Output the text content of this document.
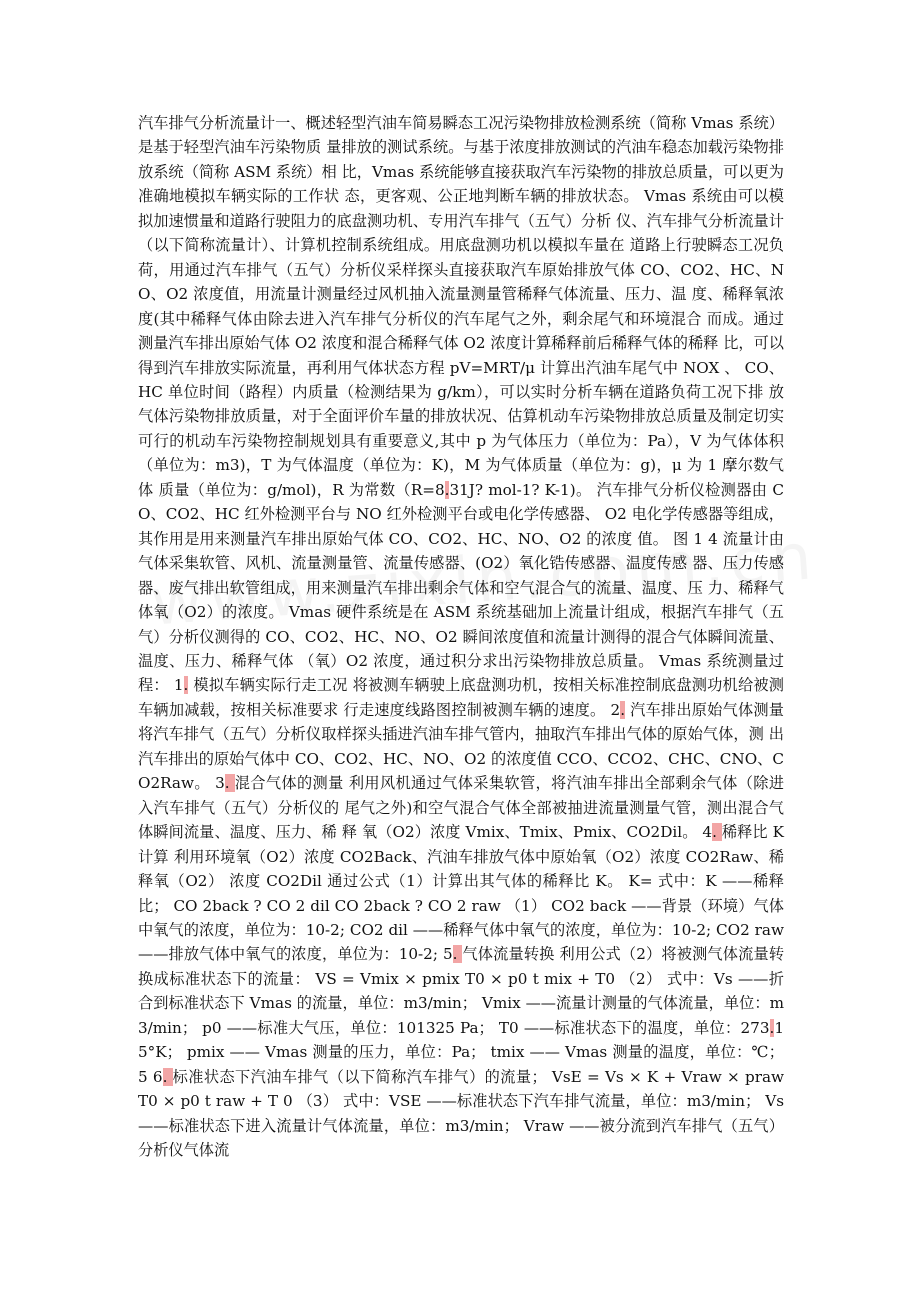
汽车排气分析流量计一、概述轻型汽油车简易瞬态工况污染物排放检测系统（简称 Vmas 系统）是基于轻型汽油车污染物质 量排放的测试系统。与基于浓度排放测试的汽油车稳态加载污染物排放系统（简称 ASM 系统）相 比，Vmas 系统能够直接获取汽车污染物的排放总质量，可以更为准确地模拟车辆实际的工作状 态，更客观、公正地判断车辆的排放状态。 Vmas 系统由可以模拟加速惯量和道路行驶阻力的底盘测功机、专用汽车排气（五气）分析 仪、汽车排气分析流量计（以下简称流量计）、计算机控制系统组成。用底盘测功机以模拟车量在 道路上行驶瞬态工况负荷，用通过汽车排气（五气）分析仪采样探头直接获取汽车原始排放气体 CO、CO2、HC、NO、O2 浓度值，用流量计测量经过风机抽入流量测量管稀释气体流量、压力、温 度、稀释氧浓度(其中稀释气体由除去进入汽车排气分析仪的汽车尾气之外，剩余尾气和环境混合 而成。通过测量汽车排出原始气体 O2 浓度和混合稀释气体 O2 浓度计算稀释前后稀释气体的稀释 比，可以得到汽车排放实际流量，再利用气体状态方程 pV=MRT/μ 计算出汽油车尾气中 NOX 、 CO、HC 单位时间（路程）内质量（检测结果为 g/km），可以实时分析车辆在道路负荷工况下排 放气体污染物排放质量，对于全面评价车量的排放状况、估算机动车污染物排放总质量及制定切实 可行的机动车污染物控制规划具有重要意义,其中 p 为气体压力（单位为：Pa），V 为气体体积 （单位为：m3)，T 为气体温度（单位为：K)，M 为气体质量（单位为：g)，μ 为 1 摩尔数气体 质量（单位为：g/mol)，R 为常数（R=8.31J? mol-1? K-1)。 汽车排气分析仪检测器由 CO、CO2、HC 红外检测平台与 NO 红外检测平台或电化学传感器、 O2 电化学传感器等组成，其作用是用来测量汽车排出原始气体 CO、CO2、HC、NO、O2 的浓度 值。 图 1 4 流量计由气体采集软管、风机、流量测量管、流量传感器、(O2）氧化锆传感器、温度传感 器、压力传感器、废气排出软管组成，用来测量汽车排出剩余气体和空气混合气的流量、温度、压 力、稀释气体氧（O2）的浓度。 Vmas 硬件系统是在 ASM 系统基础加上流量计组成，根据汽车排气（五气）分析仪测得的 CO、CO2、HC、NO、O2 瞬间浓度值和流量计测得的混合气体瞬间流量、温度、压力、稀释气体 （氧）O2 浓度，通过积分求出污染物排放总质量。 Vmas 系统测量过程： 1. 模拟车辆实际行走工况 将被测车辆驶上底盘测功机，按相关标准控制底盘测功机给被测车辆加减载，按相关标准要求 行走速度线路图控制被测车辆的速度。 2. 汽车排出原始气体测量 将汽车排气（五气）分析仪取样探头插进汽油车排气管内，抽取汽车排出气体的原始气体，测 出汽车排出的原始气体中 CO、CO2、HC、NO、O2 的浓度值 CCO、CCO2、CHC、CNO、CO2Raw。 3. 混合气体的测量 利用风机通过气体采集软管，将汽油车排出全部剩余气体（除进入汽车排气（五气）分析仪的 尾气之外)和空气混合气体全部被抽进流量测量气管，测出混合气体瞬间流量、温度、压力、稀 释 氧（O2）浓度 Vmix、Tmix、Pmix、CO2Dil。 4. 稀释比 K 计算 利用环境氧（O2）浓度 CO2Back、汽油车排放气体中原始氧（O2）浓度 CO2Raw、稀释氧（O2） 浓度 CO2Dil 通过公式（1）计算出其气体的稀释比 K。 K= 式中：K ——稀释比； CO 2back ? CO 2 dil CO 2back ? CO 2 raw （1） CO2 back ——背景（环境）气体中氧气的浓度，单位为：10-2; CO2 dil ——稀释气体中氧气的浓度，单位为：10-2; CO2 raw ——排放气体中氧气的浓度，单位为：10-2; 5. 气体流量转换 利用公式（2）将被测气体流量转换成标准状态下的流量： VS = Vmix × pmix T0 × p0 t mix + T0 （2） 式中：Vs ——折合到标准状态下 Vmas 的流量，单位：m3/min； Vmix ——流量计测量的气体流量，单位：m3/min； p0 ——标准大气压，单位：101325 Pa； T0 ——标准状态下的温度，单位：273.15°K； pmix —— Vmas 测量的压力，单位：Pa； tmix —— Vmas 测量的温度，单位：℃； 5 6. 标准状态下汽油车排气（以下简称汽车排气）的流量； VsE = Vs × K + Vraw × praw T0 × p0 t raw + T 0 （3） 式中：VSE ——标准状态下汽车排气流量，单位：m3/min； Vs ——标准状态下进入流量计气体流量，单位：m3/min； Vraw ——被分流到汽车排气（五气）分析仪气体流
